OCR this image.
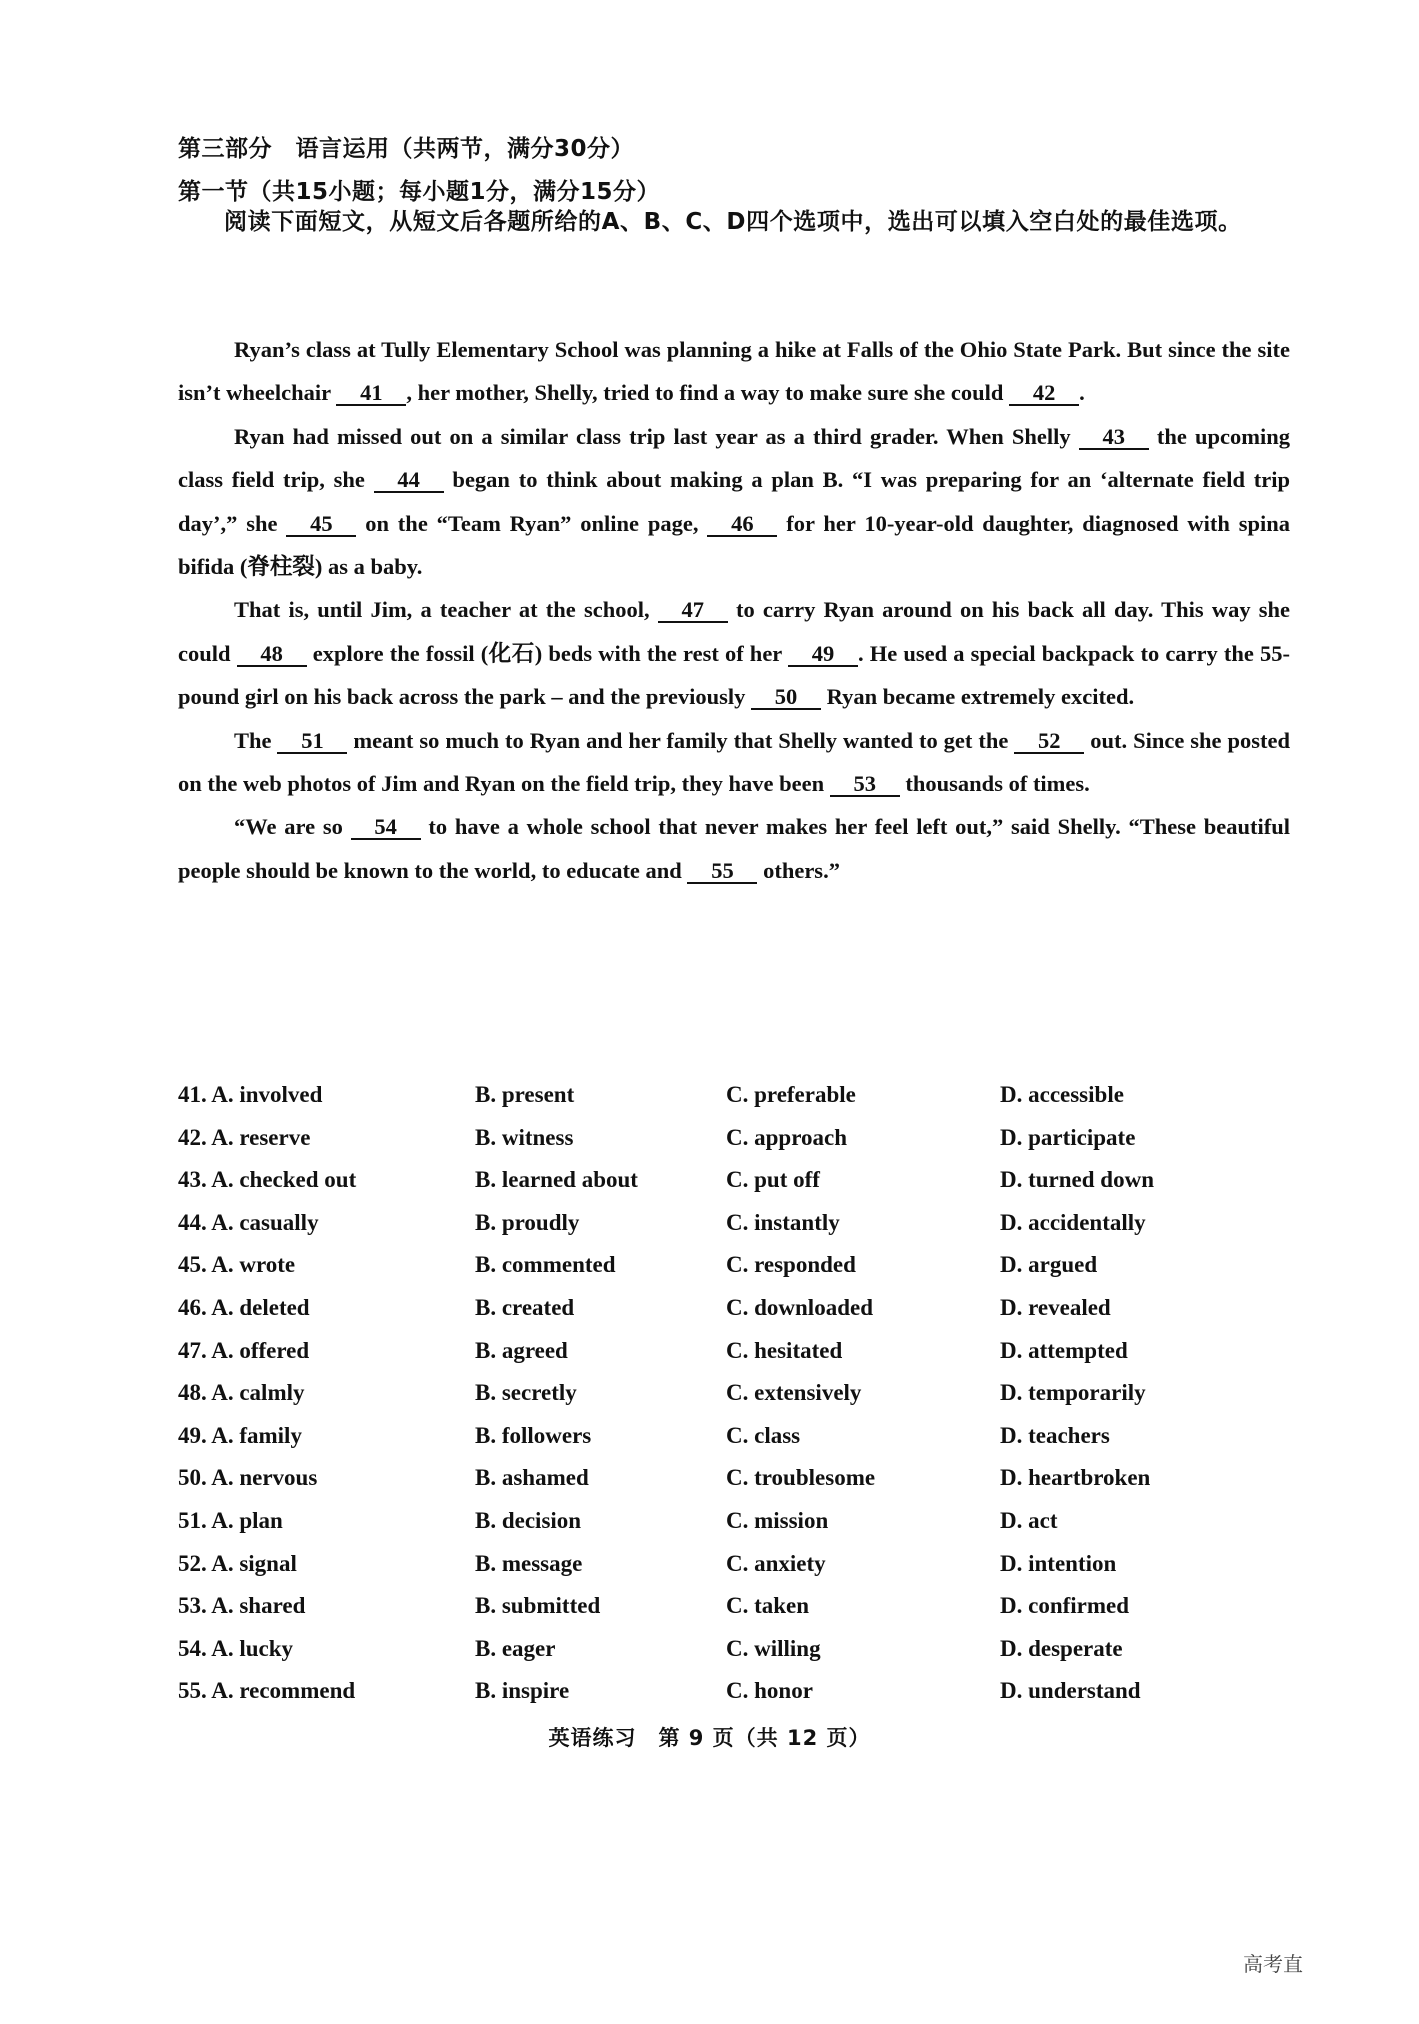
第三部分　语言运用（共两节，满分30分）
第一节（共15小题；每小题1分，满分15分）
阅读下面短文，从短文后各题所给的A、B、C、D四个选项中，选出可以填入空白处的最佳选项。

Ryan’s class at Tully Elementary School was planning a hike at Falls of the Ohio State Park. But since the site isn’t wheelchair 41 , her mother, Shelly, tried to find a way to make sure she could 42 .

Ryan had missed out on a similar class trip last year as a third grader. When Shelly 43 the upcoming class field trip, she 44 began to think about making a plan B. “I was preparing for an ‘alternate field trip day’,” she 45 on the “Team Ryan” online page, 46 for her 10-year-old daughter, diagnosed with spina bifida (脊柱裂) as a baby.

That is, until Jim, a teacher at the school, 47 to carry Ryan around on his back all day. This way she could 48 explore the fossil (化石) beds with the rest of her 49 . He used a special backpack to carry the 55-pound girl on his back across the park – and the previously 50 Ryan became extremely excited.

The 51 meant so much to Ryan and her family that Shelly wanted to get the 52 out. Since she posted on the web photos of Jim and Ryan on the field trip, they have been 53 thousands of times.

“We are so 54 to have a whole school that never makes her feel left out,” said Shelly. “These beautiful people should be known to the world, to educate and 55 others.”

41. A. involved	B. present	C. preferable	D. accessible
42. A. reserve	B. witness	C. approach	D. participate
43. A. checked out	B. learned about	C. put off	D. turned down
44. A. casually	B. proudly	C. instantly	D. accidentally
45. A. wrote	B. commented	C. responded	D. argued
46. A. deleted	B. created	C. downloaded	D. revealed
47. A. offered	B. agreed	C. hesitated	D. attempted
48. A. calmly	B. secretly	C. extensively	D. temporarily
49. A. family	B. followers	C. class	D. teachers
50. A. nervous	B. ashamed	C. troublesome	D. heartbroken
51. A. plan	B. decision	C. mission	D. act
52. A. signal	B. message	C. anxiety	D. intention
53. A. shared	B. submitted	C. taken	D. confirmed
54. A. lucky	B. eager	C. willing	D. desperate
55. A. recommend	B. inspire	C. honor	D. understand
英语练习　第 9 页（共 12 页）
高考直
